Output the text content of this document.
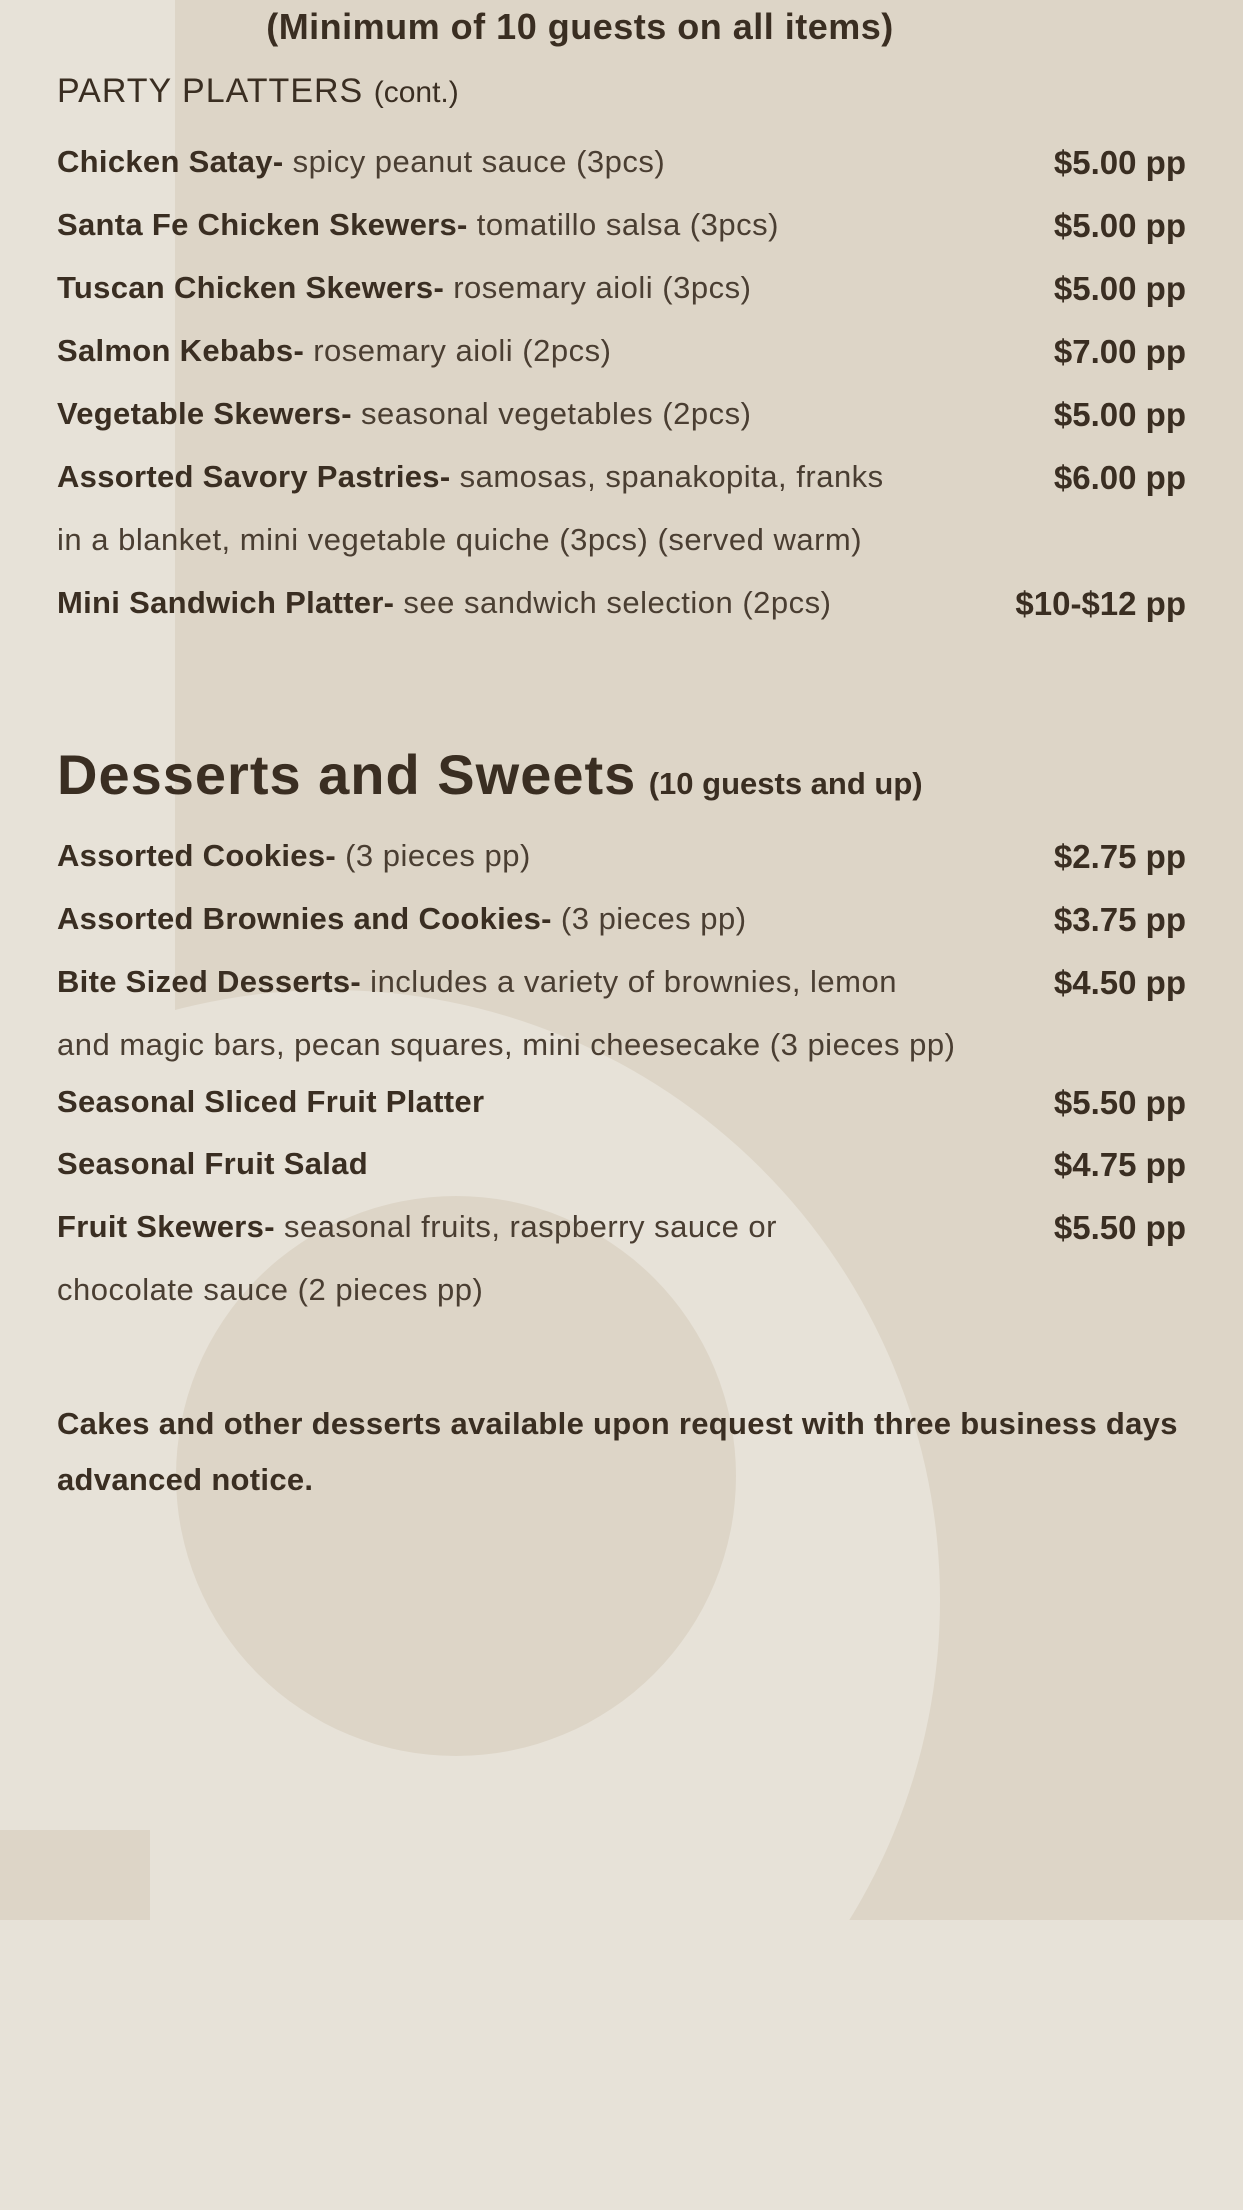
(Minimum of 10 guests on all items)
PARTY PLATTERS (cont.)
Chicken Satay- spicy peanut sauce (3pcs)	$5.00 pp
Santa Fe Chicken Skewers- tomatillo salsa (3pcs)	$5.00 pp
Tuscan Chicken Skewers- rosemary aioli (3pcs)	$5.00 pp
Salmon Kebabs- rosemary aioli (2pcs)	$7.00 pp
Vegetable Skewers- seasonal vegetables (2pcs)	$5.00 pp
Assorted Savory Pastries- samosas, spanakopita, franks	$6.00 pp
in a blanket, mini vegetable quiche (3pcs) (served warm)
Mini Sandwich Platter- see sandwich selection (2pcs)	$10-$12 pp
Desserts and Sweets (10 guests and up)
Assorted Cookies- (3 pieces pp)	$2.75 pp
Assorted Brownies and Cookies- (3 pieces pp)	$3.75 pp
Bite Sized Desserts- includes a variety of brownies, lemon	$4.50 pp
and magic bars, pecan squares, mini cheesecake (3 pieces pp)
Seasonal Sliced Fruit Platter	$5.50 pp
Seasonal Fruit Salad	$4.75 pp
Fruit Skewers- seasonal fruits, raspberry sauce or	$5.50 pp
chocolate sauce (2 pieces pp)
Cakes and other desserts available upon request with three business days advanced notice.
